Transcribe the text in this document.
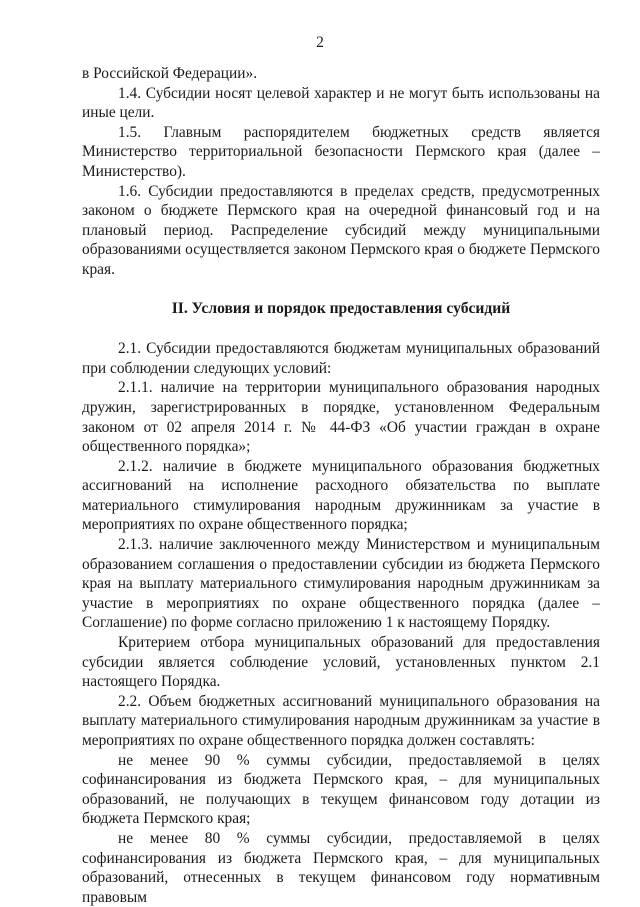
2

в Российской Федерации».

1.4. Субсидии носят целевой характер и не могут быть использованы на иные цели.

1.5. Главным распорядителем бюджетных средств является Министерство территориальной безопасности Пермского края (далее – Министерство).

1.6. Субсидии предоставляются в пределах средств, предусмотренных законом о бюджете Пермского края на очередной финансовый год и на плановый период. Распределение субсидий между муниципальными образованиями осуществляется законом Пермского края о бюджете Пермского края.

II. Условия и порядок предоставления субсидий

2.1. Субсидии предоставляются бюджетам муниципальных образований при соблюдении следующих условий:

2.1.1. наличие на территории муниципального образования народных дружин, зарегистрированных в порядке, установленном Федеральным законом от 02 апреля 2014 г. № 44-ФЗ «Об участии граждан в охране общественного порядка»;

2.1.2. наличие в бюджете муниципального образования бюджетных ассигнований на исполнение расходного обязательства по выплате материального стимулирования народным дружинникам за участие в мероприятиях по охране общественного порядка;

2.1.3. наличие заключенного между Министерством и муниципальным образованием соглашения о предоставлении субсидии из бюджета Пермского края на выплату материального стимулирования народным дружинникам за участие в мероприятиях по охране общественного порядка (далее – Соглашение) по форме согласно приложению 1 к настоящему Порядку.

Критерием отбора муниципальных образований для предоставления субсидии является соблюдение условий, установленных пунктом 2.1 настоящего Порядка.

2.2. Объем бюджетных ассигнований муниципального образования на выплату материального стимулирования народным дружинникам за участие в мероприятиях по охране общественного порядка должен составлять:

не менее 90 % суммы субсидии, предоставляемой в целях софинансирования из бюджета Пермского края, – для муниципальных образований, не получающих в текущем финансовом году дотации из бюджета Пермского края;

не менее 80 % суммы субсидии, предоставляемой в целях софинансирования из бюджета Пермского края, – для муниципальных образований, отнесенных в текущем финансовом году нормативным правовым
